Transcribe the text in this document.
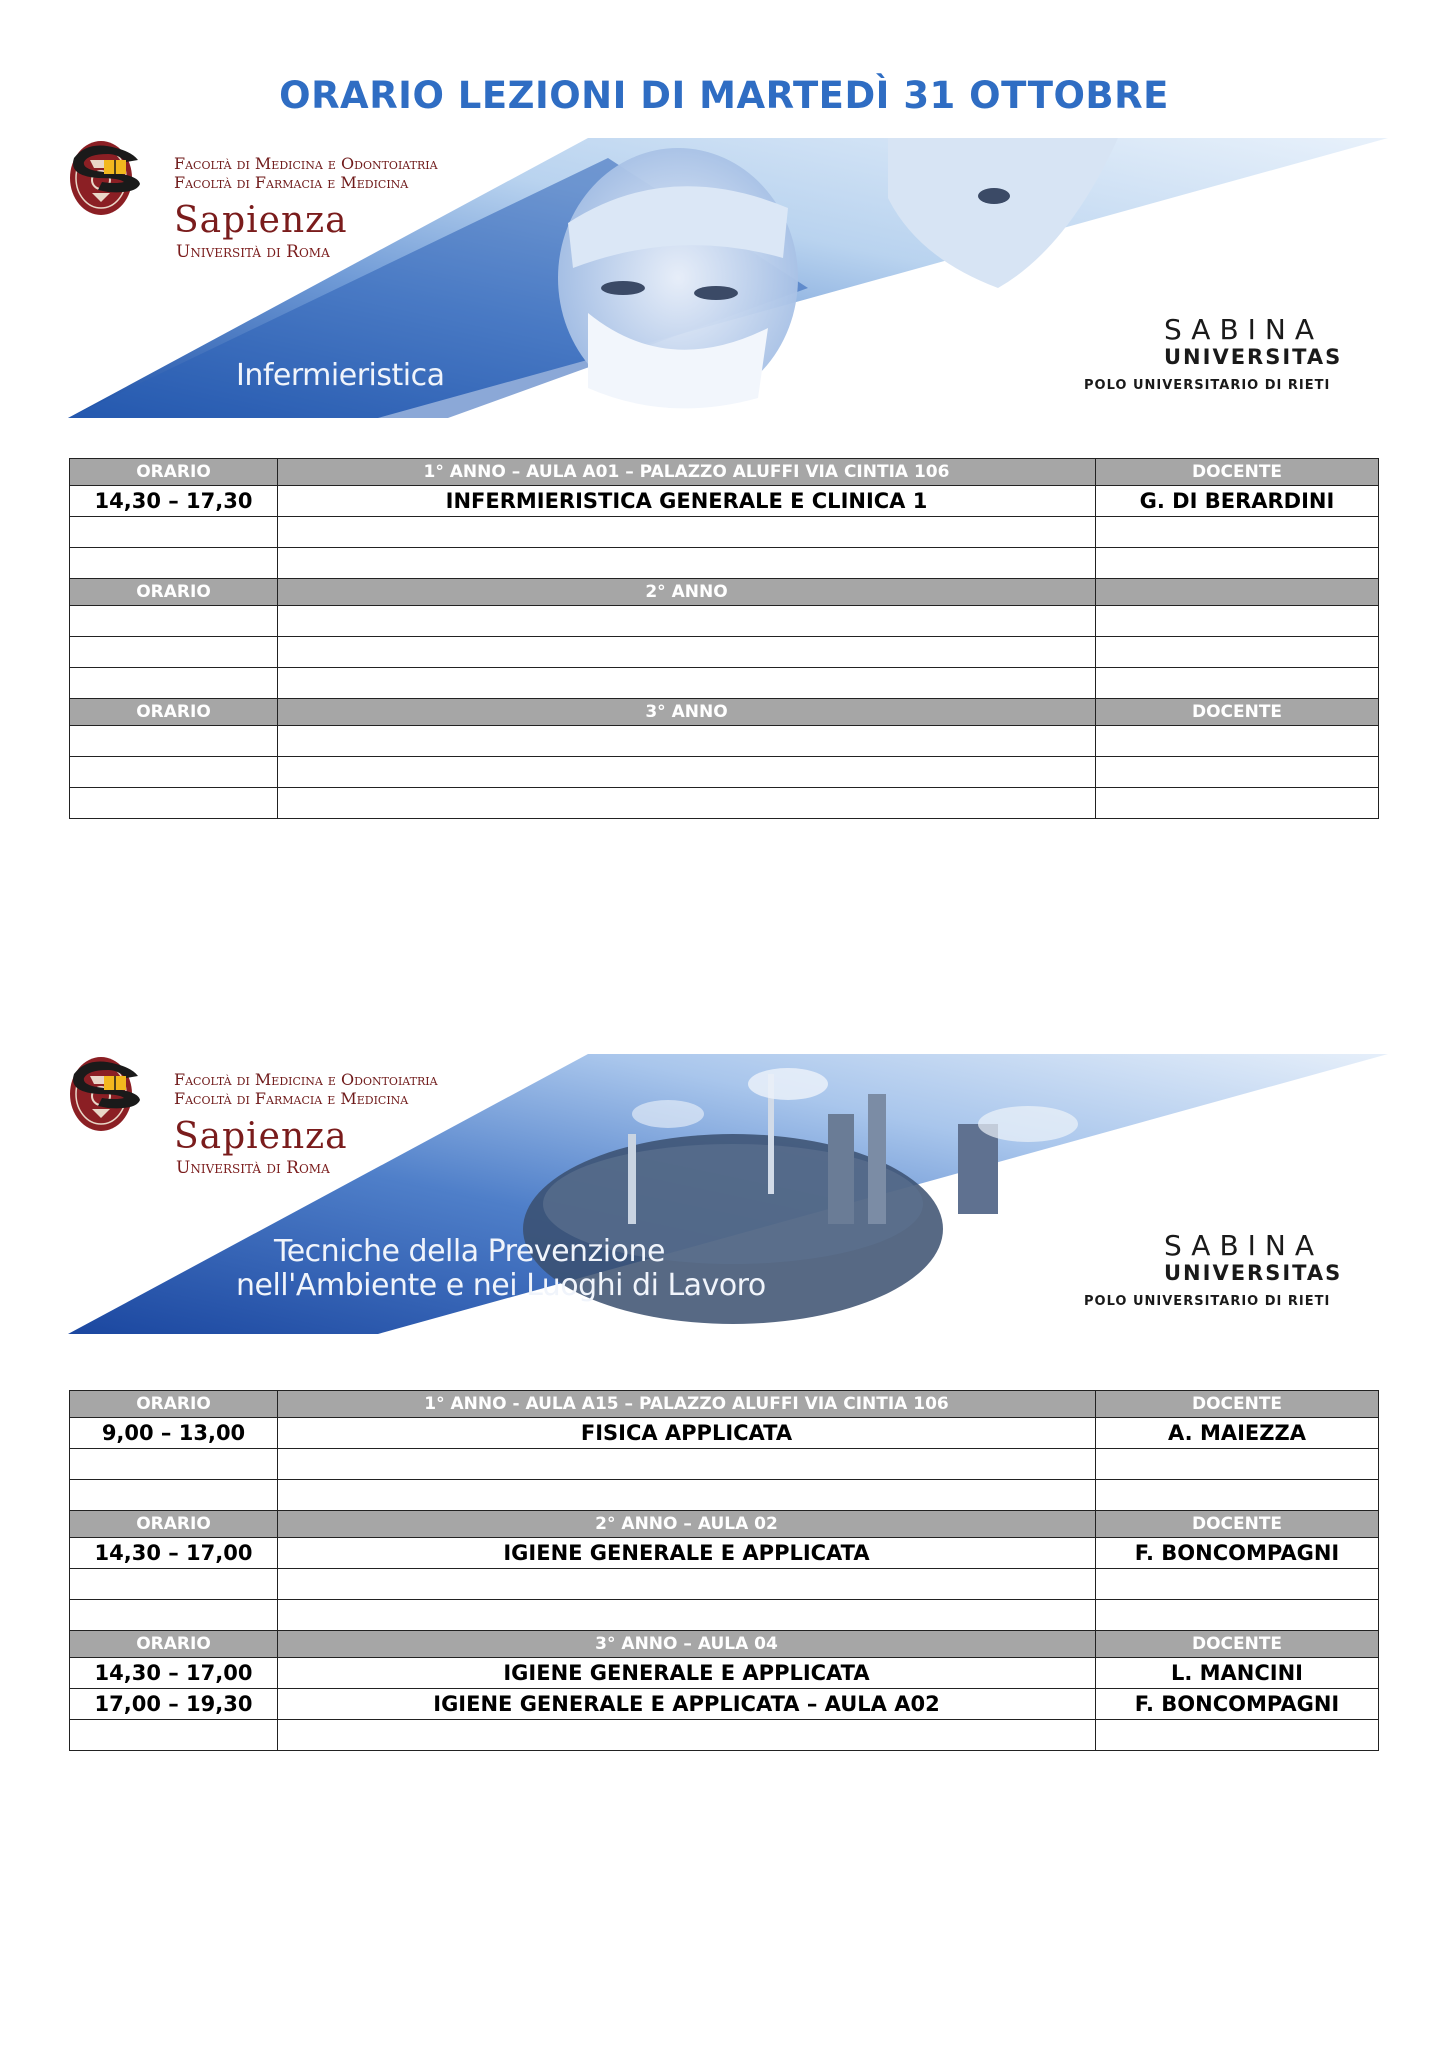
ORARIO LEZIONI DI MARTEDÌ 31 OTTOBRE
Facoltà di Medicina e Odontoiatria
Facoltà di Farmacia e Medicina
Sapienza
Università di Roma
Infermieristica
SABINA
UNIVERSITAS
POLO UNIVERSITARIO DI RIETI
ORARIO	1° ANNO – AULA A01 – PALAZZO ALUFFI VIA CINTIA 106	DOCENTE
14,30 – 17,30	INFERMIERISTICA GENERALE E CLINICA 1	G. DI BERARDINI

ORARIO	2° ANNO	

ORARIO	3° ANNO	DOCENTE

Facoltà di Medicina e Odontoiatria
Facoltà di Farmacia e Medicina
Sapienza
Università di Roma
Tecniche della Prevenzione
nell'Ambiente e nei Luoghi di Lavoro
SABINA
UNIVERSITAS
POLO UNIVERSITARIO DI RIETI
ORARIO	1° ANNO - AULA A15 – PALAZZO ALUFFI VIA CINTIA 106	DOCENTE
9,00 – 13,00	FISICA APPLICATA	A. MAIEZZA

ORARIO	2° ANNO – AULA 02	DOCENTE
14,30 – 17,00	IGIENE GENERALE E APPLICATA	F. BONCOMPAGNI

ORARIO	3° ANNO – AULA 04	DOCENTE
14,30 – 17,00	IGIENE GENERALE E APPLICATA	L. MANCINI
17,00 – 19,30	IGIENE GENERALE E APPLICATA – AULA A02	F. BONCOMPAGNI
